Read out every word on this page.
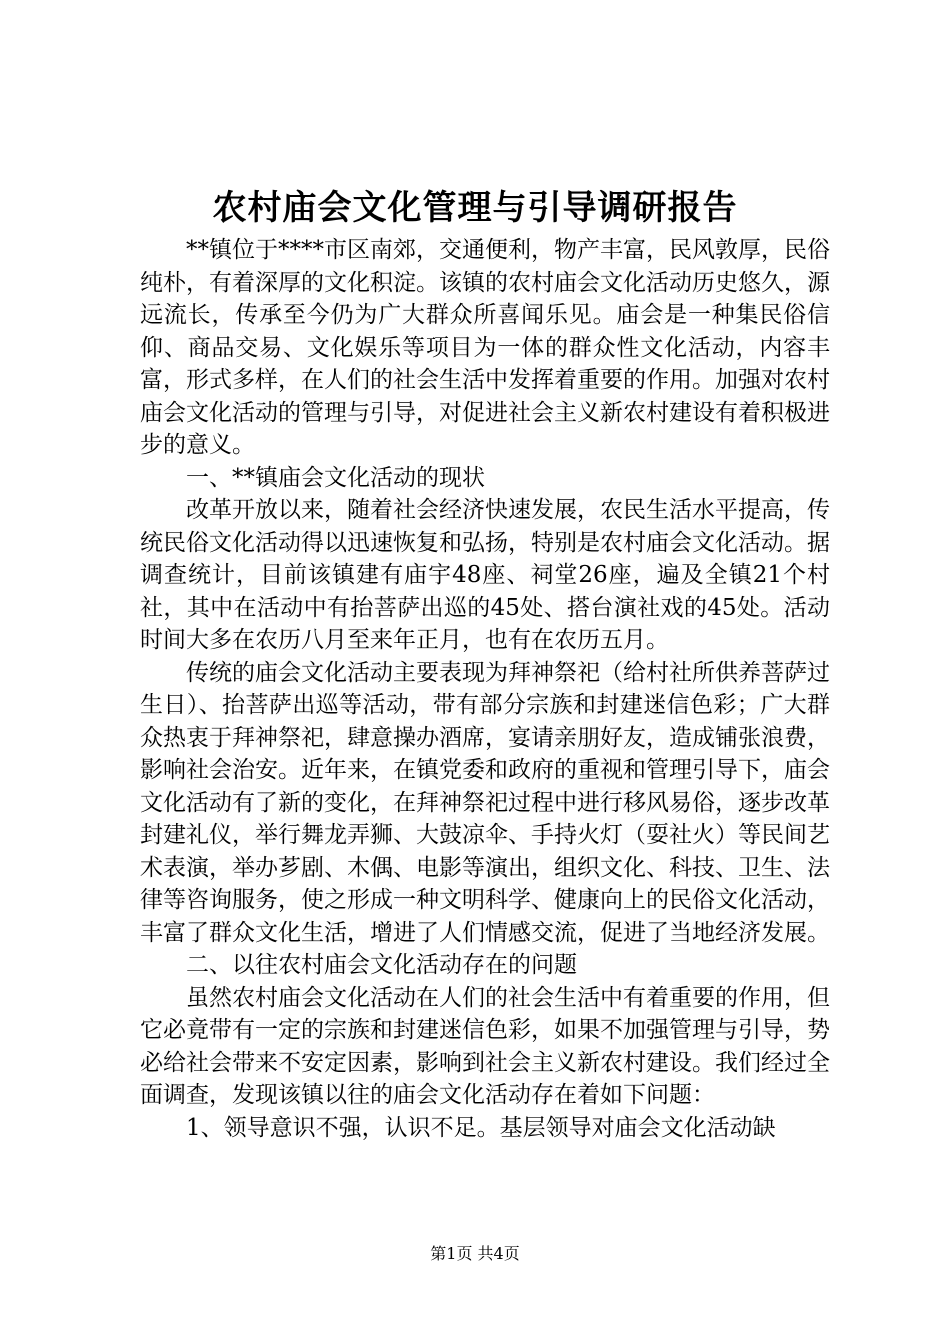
农村庙会文化管理与引导调研报告

**镇位于****市区南郊，交通便利，物产丰富，民风敦厚，民俗纯朴，有着深厚的文化积淀。该镇的农村庙会文化活动历史悠久，源远流长，传承至今仍为广大群众所喜闻乐见。庙会是一种集民俗信仰、商品交易、文化娱乐等项目为一体的群众性文化活动，内容丰富，形式多样，在人们的社会生活中发挥着重要的作用。加强对农村庙会文化活动的管理与引导，对促进社会主义新农村建设有着积极进步的意义。

一、**镇庙会文化活动的现状

改革开放以来，随着社会经济快速发展，农民生活水平提高，传统民俗文化活动得以迅速恢复和弘扬，特别是农村庙会文化活动。据调查统计，目前该镇建有庙宇48座、祠堂26座，遍及全镇21个村社，其中在活动中有抬菩萨出巡的45处、搭台演社戏的45处。活动时间大多在农历八月至来年正月，也有在农历五月。

传统的庙会文化活动主要表现为拜神祭祀（给村社所供养菩萨过生日）、抬菩萨出巡等活动，带有部分宗族和封建迷信色彩；广大群众热衷于拜神祭祀，肆意操办酒席，宴请亲朋好友，造成铺张浪费，影响社会治安。近年来，在镇党委和政府的重视和管理引导下，庙会文化活动有了新的变化，在拜神祭祀过程中进行移风易俗，逐步改革封建礼仪，举行舞龙弄狮、大鼓凉伞、手持火灯（耍社火）等民间艺术表演，举办芗剧、木偶、电影等演出，组织文化、科技、卫生、法律等咨询服务，使之形成一种文明科学、健康向上的民俗文化活动，丰富了群众文化生活，增进了人们情感交流，促进了当地经济发展。

二、以往农村庙会文化活动存在的问题

虽然农村庙会文化活动在人们的社会生活中有着重要的作用，但它必竟带有一定的宗族和封建迷信色彩，如果不加强管理与引导，势必给社会带来不安定因素，影响到社会主义新农村建设。我们经过全面调查，发现该镇以往的庙会文化活动存在着如下问题：

1、领导意识不强，认识不足。基层领导对庙会文化活动缺

第1页 共4页
